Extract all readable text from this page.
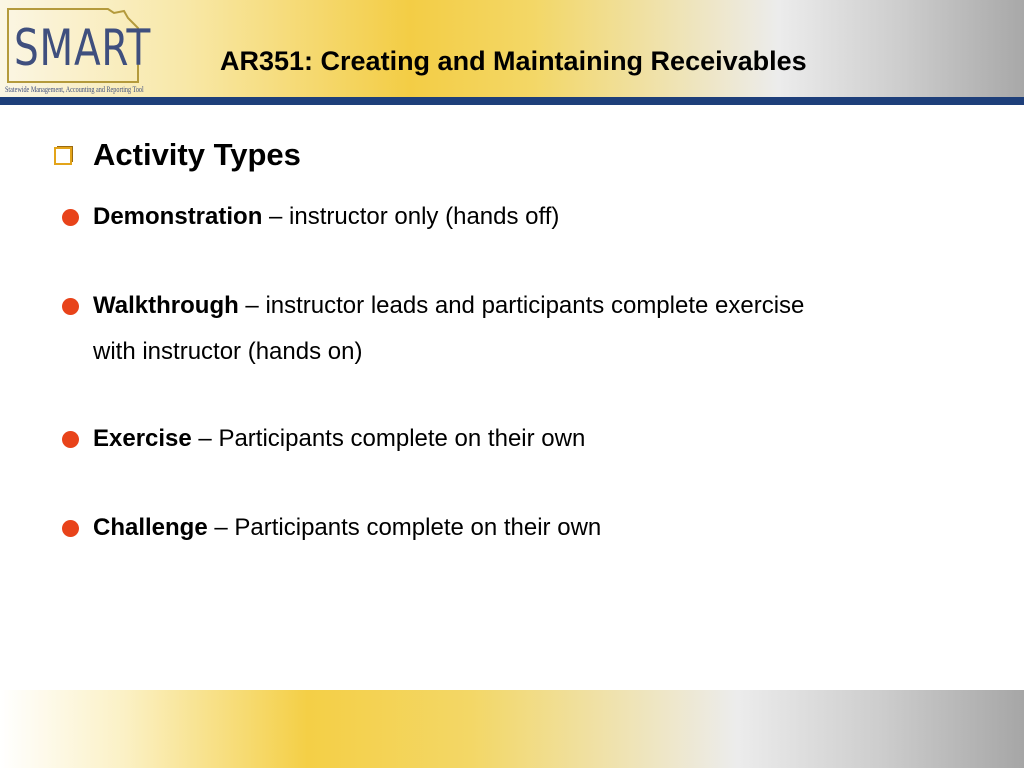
SMART
Statewide Management, Accounting and Reporting Tool
AR351: Creating and Maintaining Receivables
Activity Types
Demonstration – instructor only (hands off)
Walkthrough – instructor leads and participants complete exercise with instructor (hands on)
Exercise – Participants complete on their own
Challenge – Participants complete on their own
